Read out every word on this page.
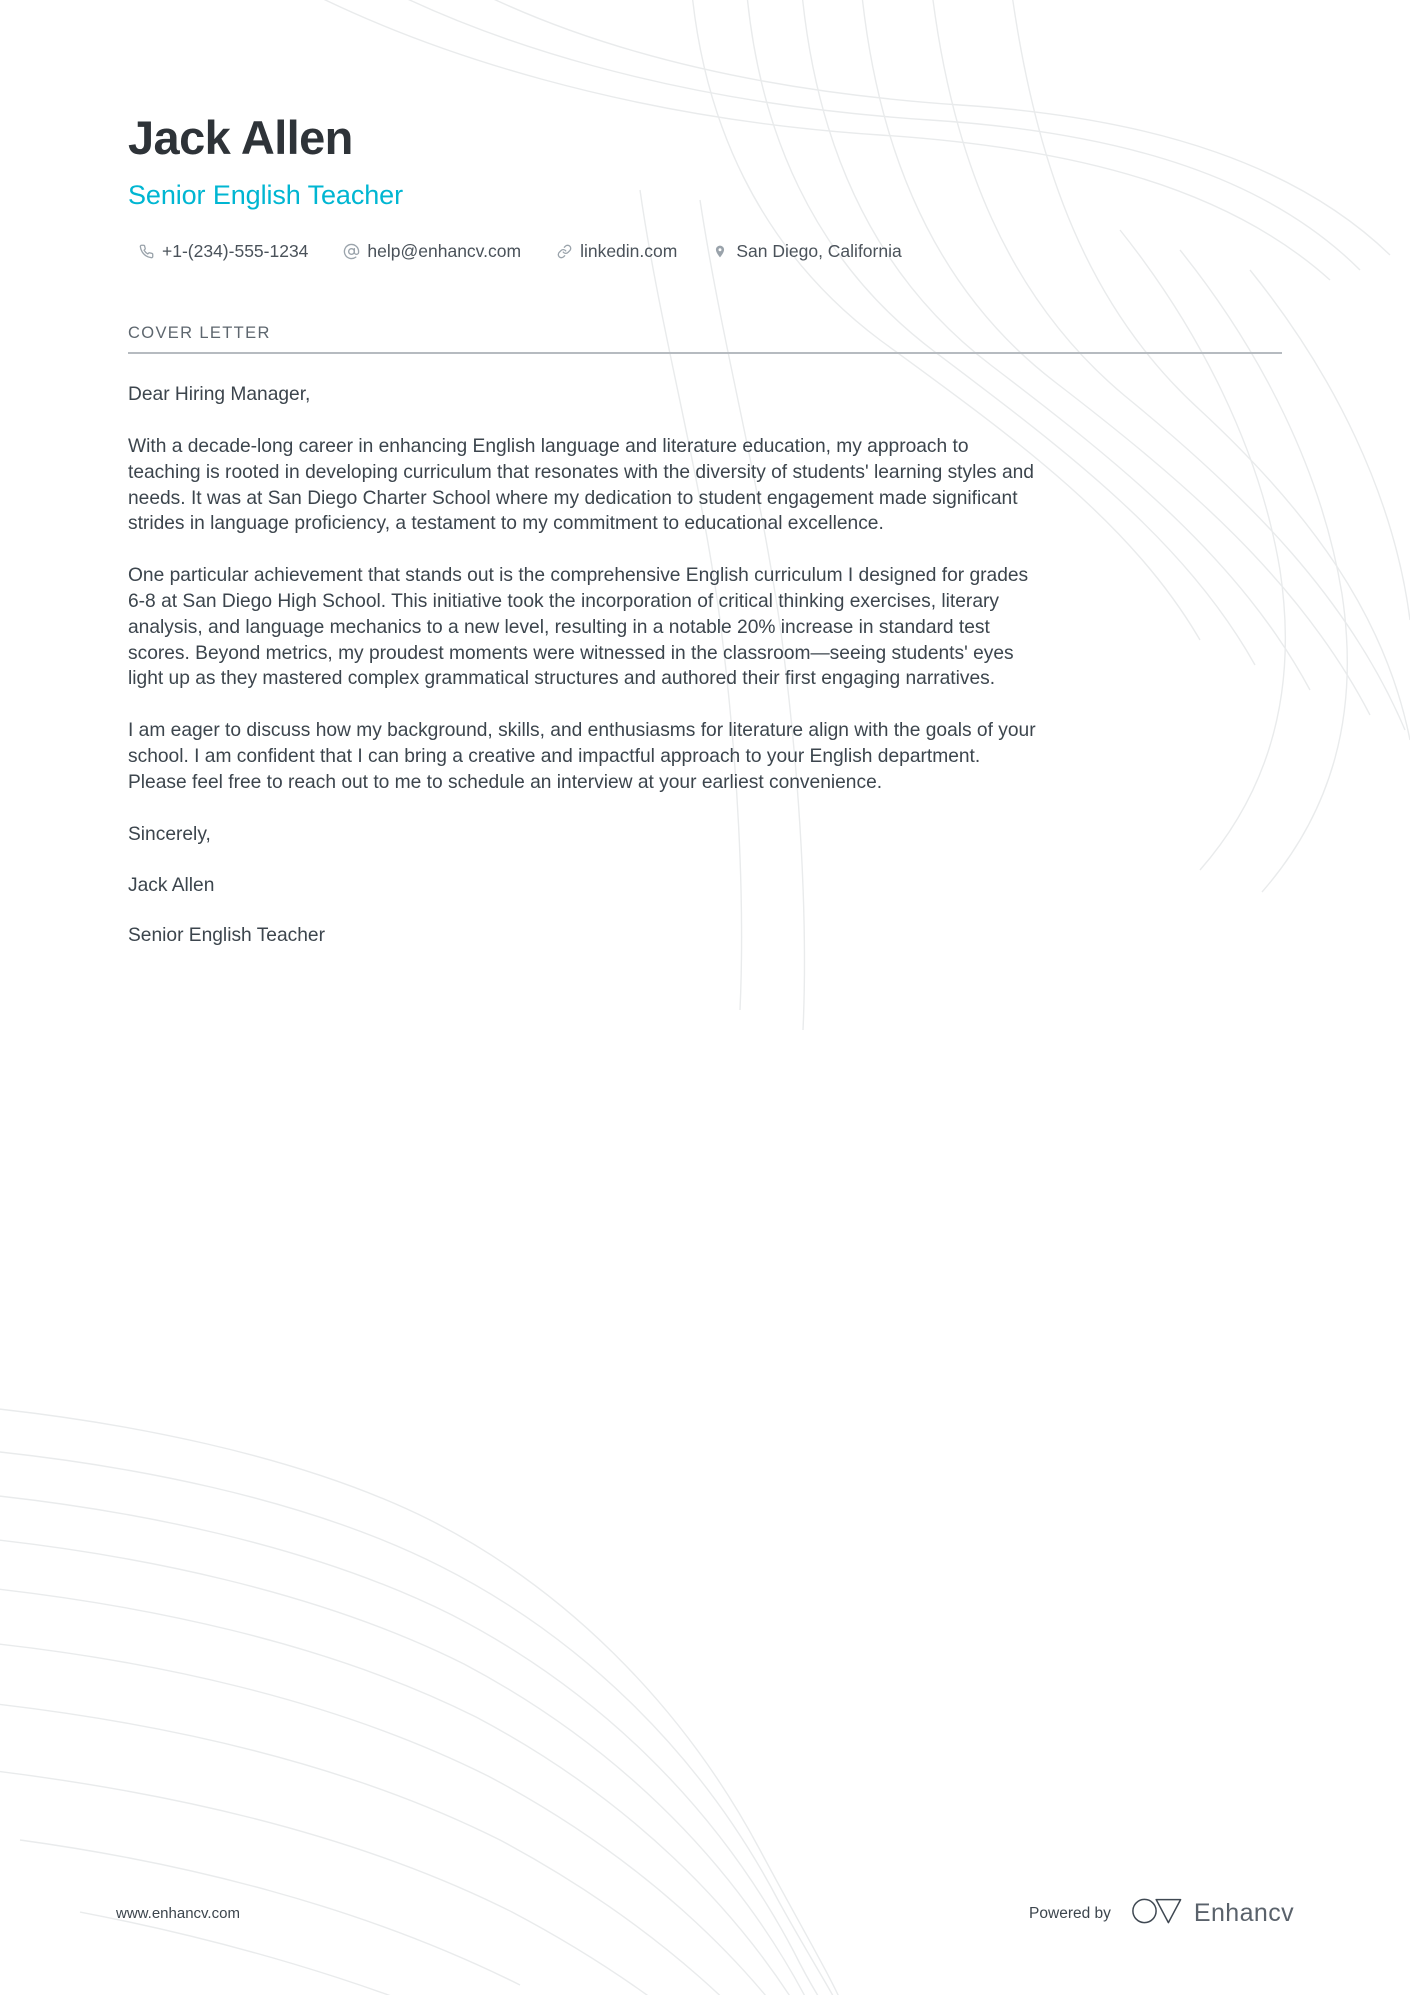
Jack Allen
Senior English Teacher
+1-(234)-555-1234	help@enhancv.com	linkedin.com	San Diego, California
COVER LETTER

Dear Hiring Manager,

With a decade-long career in enhancing English language and literature education, my approach to teaching is rooted in developing curriculum that resonates with the diversity of students' learning styles and needs. It was at San Diego Charter School where my dedication to student engagement made significant strides in language proficiency, a testament to my commitment to educational excellence.

One particular achievement that stands out is the comprehensive English curriculum I designed for grades 6-8 at San Diego High School. This initiative took the incorporation of critical thinking exercises, literary analysis, and language mechanics to a new level, resulting in a notable 20% increase in standard test scores. Beyond metrics, my proudest moments were witnessed in the classroom—seeing students' eyes light up as they mastered complex grammatical structures and authored their first engaging narratives.

I am eager to discuss how my background, skills, and enthusiasms for literature align with the goals of your school. I am confident that I can bring a creative and impactful approach to your English department. Please feel free to reach out to me to schedule an interview at your earliest convenience.

Sincerely,

Jack Allen

Senior English Teacher

www.enhancv.com	Powered by	Enhancv
